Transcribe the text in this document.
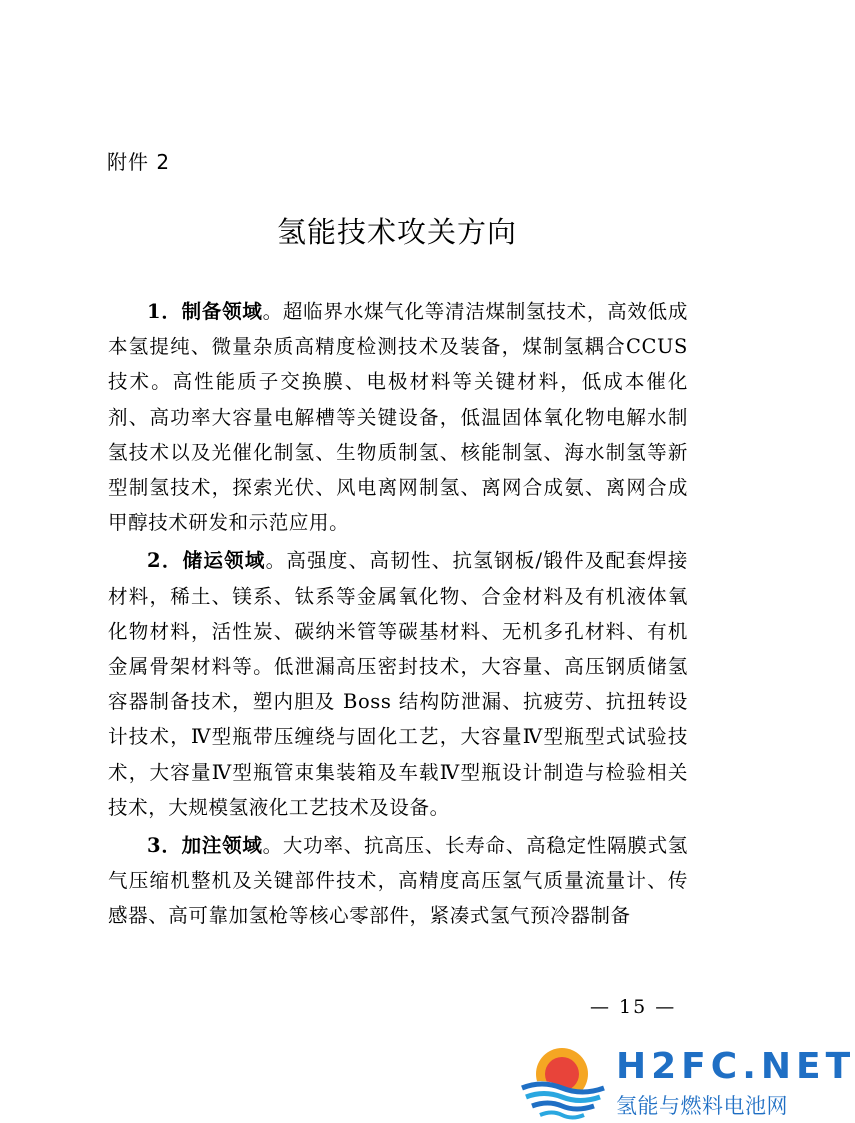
附件 2
氢能技术攻关方向

1．制备领域。超临界水煤气化等清洁煤制氢技术，高效低成本氢提纯、微量杂质高精度检测技术及装备，煤制氢耦合CCUS 技术。高性能质子交换膜、电极材料等关键材料，低成本催化剂、高功率大容量电解槽等关键设备，低温固体氧化物电解水制氢技术以及光催化制氢、生物质制氢、核能制氢、海水制氢等新型制氢技术，探索光伏、风电离网制氢、离网合成氨、离网合成甲醇技术研发和示范应用。

2．储运领域。高强度、高韧性、抗氢钢板/锻件及配套焊接材料，稀土、镁系、钛系等金属氧化物、合金材料及有机液体氧化物材料，活性炭、碳纳米管等碳基材料、无机多孔材料、有机金属骨架材料等。低泄漏高压密封技术，大容量、高压钢质储氢容器制备技术，塑内胆及 Boss 结构防泄漏、抗疲劳、抗扭转设计技术，Ⅳ型瓶带压缠绕与固化工艺，大容量Ⅳ型瓶型式试验技术，大容量Ⅳ型瓶管束集装箱及车载Ⅳ型瓶设计制造与检验相关技术，大规模氢液化工艺技术及设备。

3．加注领域。大功率、抗高压、长寿命、高稳定性隔膜式氢气压缩机整机及关键部件技术，高精度高压氢气质量流量计、传感器、高可靠加氢枪等核心零部件，紧凑式氢气预冷器制备

— 15 —
H2FC.NET
氢能与燃料电池网
